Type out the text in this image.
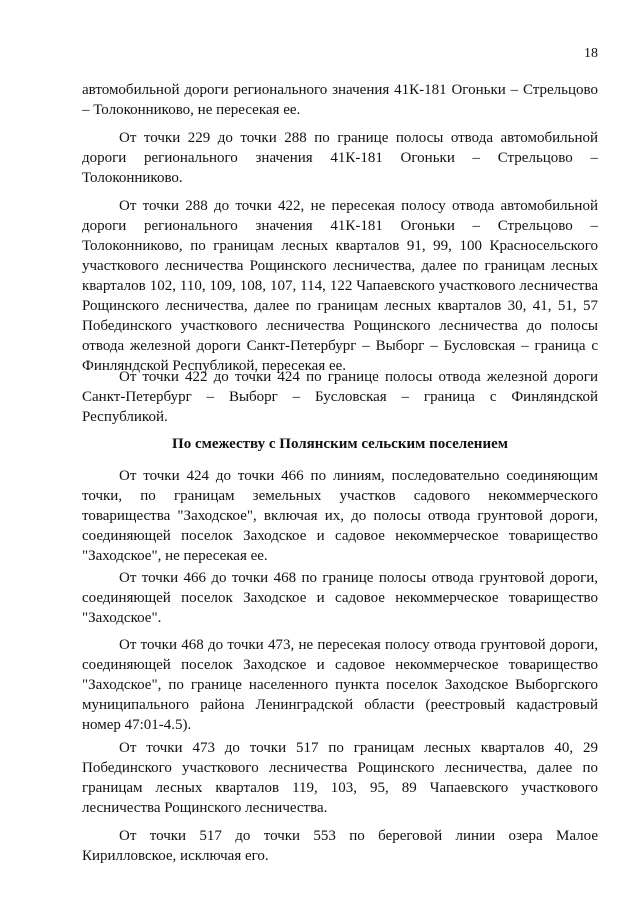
18

автомобильной дороги регионального значения 41К-181 Огоньки – Стрельцово – Толоконниково, не пересекая ее.

От точки 229 до точки 288 по границе полосы отвода автомобильной дороги регионального значения 41К-181 Огоньки – Стрельцово – Толоконниково.

От точки 288 до точки 422, не пересекая полосу отвода автомобильной дороги регионального значения 41К-181 Огоньки – Стрельцово – Толоконниково, по границам лесных кварталов 91, 99, 100 Красносельского участкового лесничества Рощинского лесничества, далее по границам лесных кварталов 102, 110, 109, 108, 107, 114, 122 Чапаевского участкового лесничества Рощинского лесничества, далее по границам лесных кварталов 30, 41, 51, 57 Побединского участкового лесничества Рощинского лесничества до полосы отвода железной дороги Санкт-Петербург – Выборг – Бусловская – граница с Финляндской Республикой, пересекая ее.

От точки 422 до точки 424 по границе полосы отвода железной дороги Санкт-Петербург – Выборг – Бусловская – граница с Финляндской Республикой.

По смежеству с Полянским сельским поселением

От точки 424 до точки 466 по линиям, последовательно соединяющим точки, по границам земельных участков садового некоммерческого товарищества "Заходское", включая их, до полосы отвода грунтовой дороги, соединяющей поселок Заходское и садовое некоммерческое товарищество "Заходское", не пересекая ее.

От точки 466 до точки 468 по границе полосы отвода грунтовой дороги, соединяющей поселок Заходское и садовое некоммерческое товарищество "Заходское".

От точки 468 до точки 473, не пересекая полосу отвода грунтовой дороги, соединяющей поселок Заходское и садовое некоммерческое товарищество "Заходское", по границе населенного пункта поселок Заходское Выборгского муниципального района Ленинградской области (реестровый кадастровый номер 47:01-4.5).

От точки 473 до точки 517 по границам лесных кварталов 40, 29 Побединского участкового лесничества Рощинского лесничества, далее по границам лесных кварталов 119, 103, 95, 89 Чапаевского участкового лесничества Рощинского лесничества.

От точки 517 до точки 553 по береговой линии озера Малое Кирилловское, исключая его.
